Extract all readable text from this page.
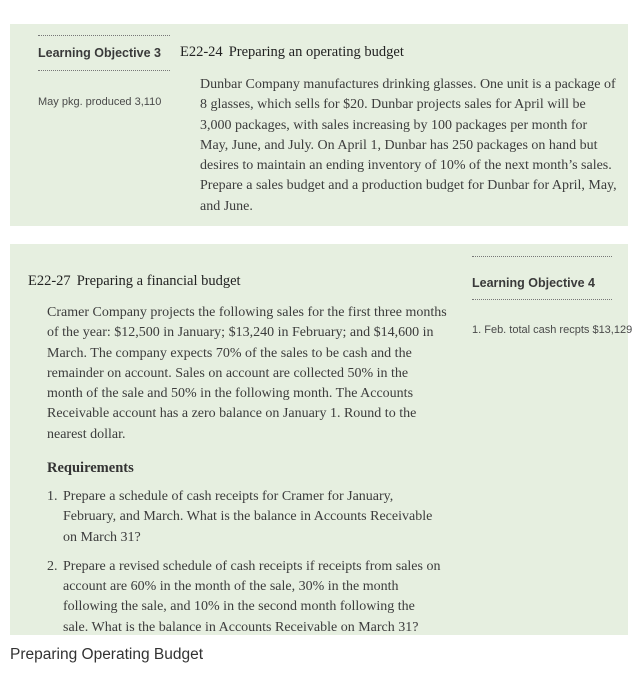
Learning Objective 3
May pkg. produced 3,110
E22-24 Preparing an operating budget
Dunbar Company manufactures drinking glasses. One unit is a package of 8 glasses, which sells for $20. Dunbar projects sales for April will be 3,000 packages, with sales increasing by 100 packages per month for May, June, and July. On April 1, Dunbar has 250 packages on hand but desires to maintain an ending inventory of 10% of the next month’s sales. Prepare a sales budget and a production budget for Dunbar for April, May, and June.
E22-27 Preparing a financial budget	Learning Objective 4
1. Feb. total cash recpts $13,129
Cramer Company projects the following sales for the first three months of the year: $12,500 in January; $13,240 in February; and $14,600 in March. The company expects 70% of the sales to be cash and the remainder on account. Sales on account are collected 50% in the month of the sale and 50% in the following month. The Accounts Receivable account has a zero balance on January 1. Round to the nearest dollar.
Requirements
1. Prepare a schedule of cash receipts for Cramer for January, February, and March. What is the balance in Accounts Receivable on March 31?
2. Prepare a revised schedule of cash receipts if receipts from sales on account are 60% in the month of the sale, 30% in the month following the sale, and 10% in the second month following the sale. What is the balance in Accounts Receivable on March 31?
Preparing Operating Budget
